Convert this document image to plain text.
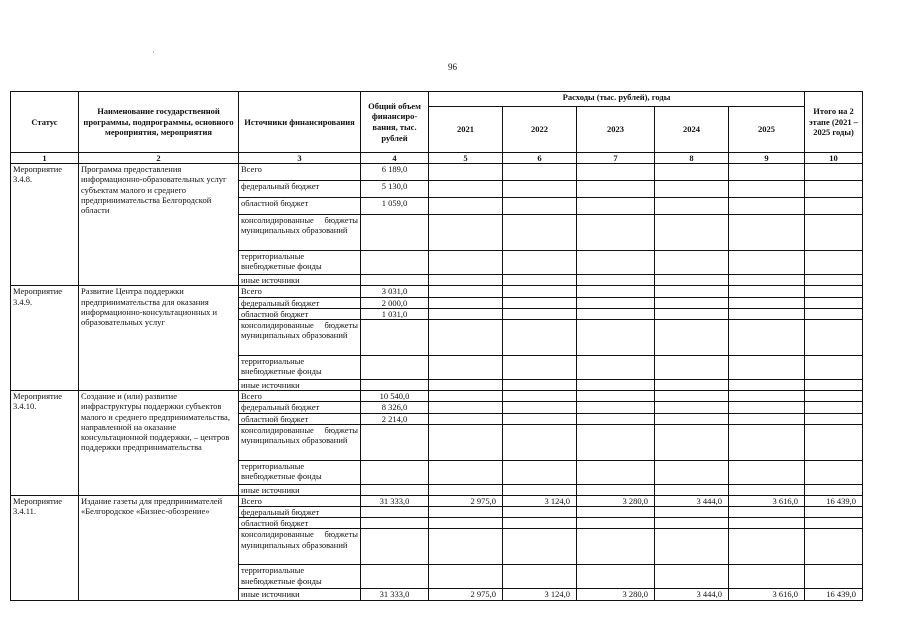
96
Статус	Наименование государственной программы, подпрограммы, основного мероприятия, мероприятия	Источники финансирования	Общий объем финансиро-вания, тыс. рублей	Расходы (тыс. рублей), годы					Итого на 2 этапе (2021 – 2025 годы)
				2021	2022	2023	2024	2025	
1	2	3	4	5	6	7	8	9	10
Мероприятие 3.4.8.	Программа предоставления информационно-образовательных услуг субъектам малого и среднего предпринимательства Белгородской области	Всего	6 189,0						
		федеральный бюджет	5 130,0						
		областной бюджет	1 059,0						
		консолидированные бюджеты муниципальных образований							
		территориальные внебюджетные фонды							
		иные источники							
Мероприятие 3.4.9.	Развитие Центра поддержки предпринимательства для оказания информационно-консультационных и образовательных услуг	Всего	3 031,0						
		федеральный бюджет	2 000,0						
		областной бюджет	1 031,0						
		консолидированные бюджеты муниципальных образований							
		территориальные внебюджетные фонды							
		иные источники							
Мероприятие 3.4.10.	Создание и (или) развитие инфраструктуры поддержки субъектов малого и среднего предпринимательства, направленной на оказание консультационной поддержки, – центров поддержки предпринимательства	Всего	10 540,0						
		федеральный бюджет	8 326,0						
		областной бюджет	2 214,0						
		консолидированные бюджеты муниципальных образований							
		территориальные внебюджетные фонды							
		иные источники							
Мероприятие 3.4.11.	Издание газеты для предпринимателей «Белгородское «Бизнес-обозрение»	Всего	31 333,0	2 975,0	3 124,0	3 280,0	3 444,0	3 616,0	16 439,0
		федеральный бюджет							
		областной бюджет							
		консолидированные бюджеты муниципальных образований							
		территориальные внебюджетные фонды							
		иные источники	31 333,0	2 975,0	3 124,0	3 280,0	3 444,0	3 616,0	16 439,0
·
